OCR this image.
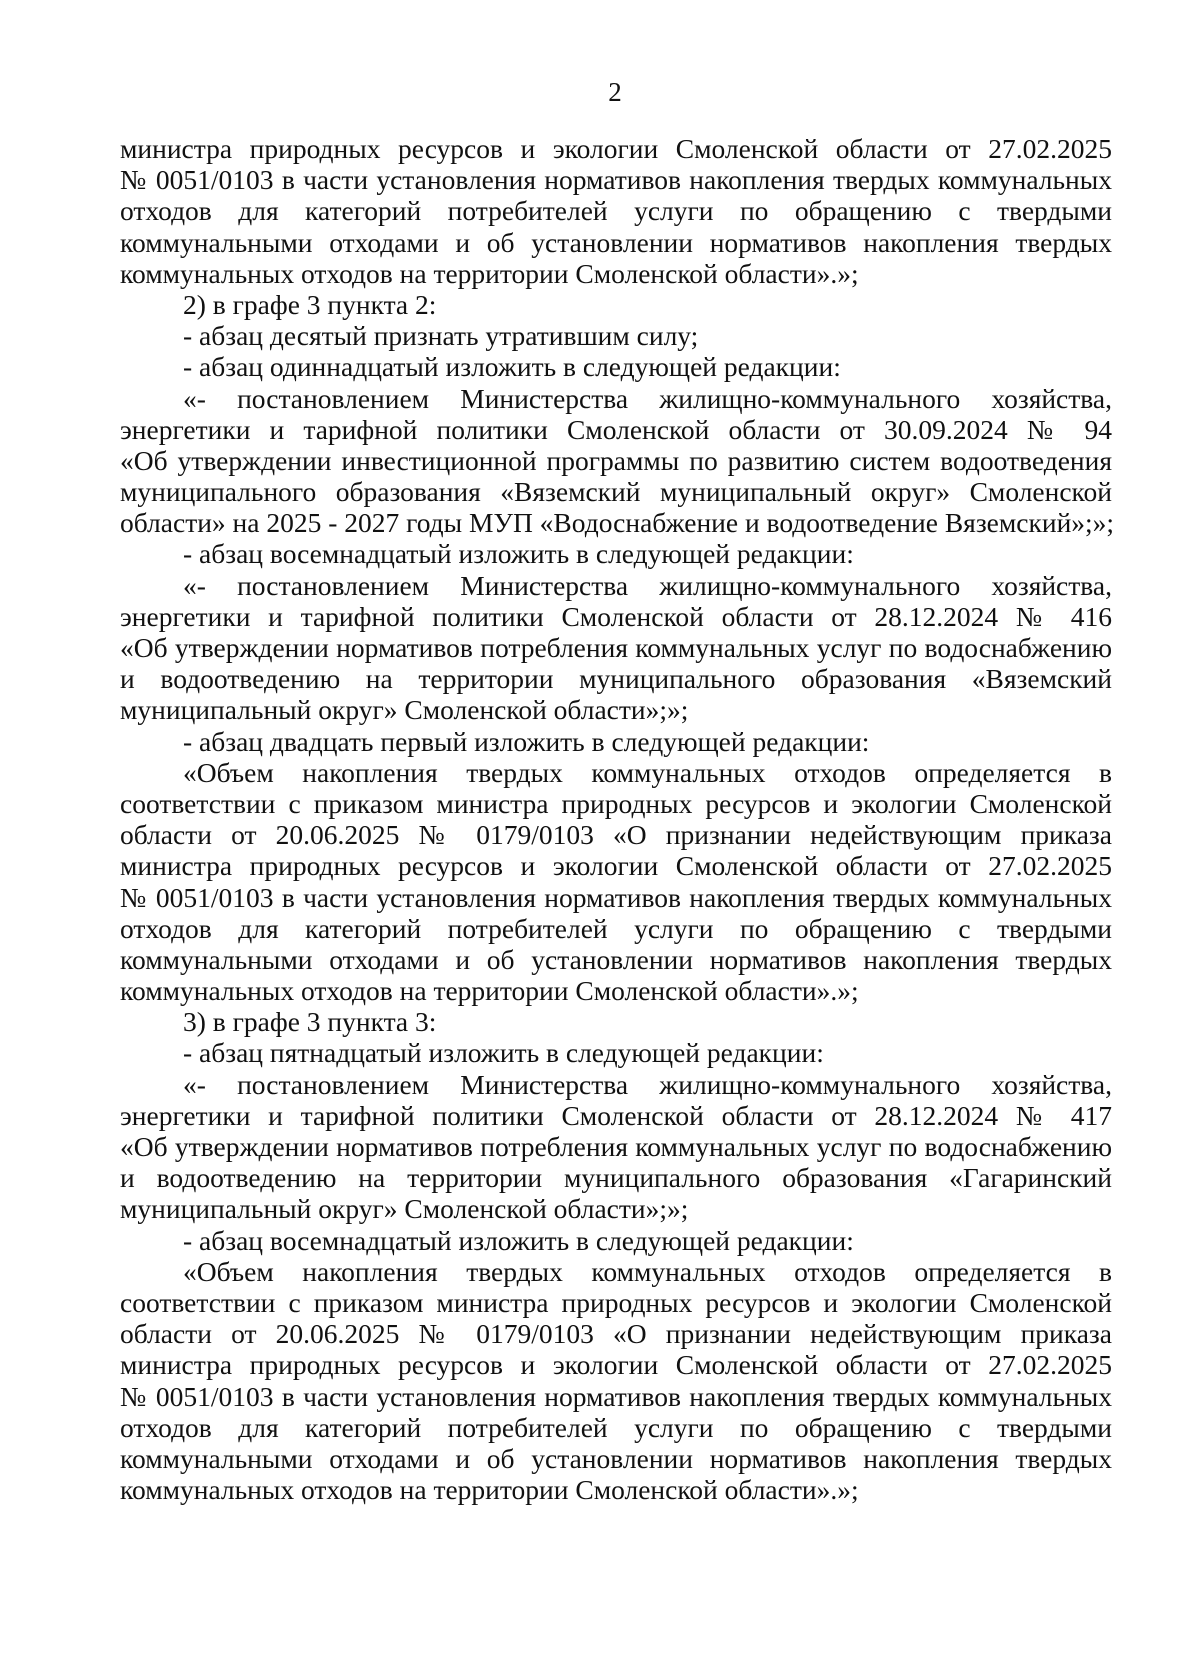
2
министра природных ресурсов и экологии Смоленской области от 27.02.2025
№ 0051/0103 в части установления нормативов накопления твердых коммунальных
отходов для категорий потребителей услуги по обращению с твердыми
коммунальными отходами и об установлении нормативов накопления твердых
коммунальных отходов на территории Смоленской области».»;
2) в графе 3 пункта 2:
- абзац десятый признать утратившим силу;
- абзац одиннадцатый изложить в следующей редакции:
«- постановлением Министерства жилищно-коммунального хозяйства,
энергетики и тарифной политики Смоленской области от 30.09.2024 № 94
«Об утверждении инвестиционной программы по развитию систем водоотведения
муниципального образования «Вяземский муниципальный округ» Смоленской
области» на 2025 - 2027 годы МУП «Водоснабжение и водоотведение Вяземский»;»;
- абзац восемнадцатый изложить в следующей редакции:
«- постановлением Министерства жилищно-коммунального хозяйства,
энергетики и тарифной политики Смоленской области от 28.12.2024 № 416
«Об утверждении нормативов потребления коммунальных услуг по водоснабжению
и водоотведению на территории муниципального образования «Вяземский
муниципальный округ» Смоленской области»;»;
- абзац двадцать первый изложить в следующей редакции:
«Объем накопления твердых коммунальных отходов определяется в
соответствии с приказом министра природных ресурсов и экологии Смоленской
области от 20.06.2025 № 0179/0103 «О признании недействующим приказа
министра природных ресурсов и экологии Смоленской области от 27.02.2025
№ 0051/0103 в части установления нормативов накопления твердых коммунальных
отходов для категорий потребителей услуги по обращению с твердыми
коммунальными отходами и об установлении нормативов накопления твердых
коммунальных отходов на территории Смоленской области».»;
3) в графе 3 пункта 3:
- абзац пятнадцатый изложить в следующей редакции:
«- постановлением Министерства жилищно-коммунального хозяйства,
энергетики и тарифной политики Смоленской области от 28.12.2024 № 417
«Об утверждении нормативов потребления коммунальных услуг по водоснабжению
и водоотведению на территории муниципального образования «Гагаринский
муниципальный округ» Смоленской области»;»;
- абзац восемнадцатый изложить в следующей редакции:
«Объем накопления твердых коммунальных отходов определяется в
соответствии с приказом министра природных ресурсов и экологии Смоленской
области от 20.06.2025 № 0179/0103 «О признании недействующим приказа
министра природных ресурсов и экологии Смоленской области от 27.02.2025
№ 0051/0103 в части установления нормативов накопления твердых коммунальных
отходов для категорий потребителей услуги по обращению с твердыми
коммунальными отходами и об установлении нормативов накопления твердых
коммунальных отходов на территории Смоленской области».»;
